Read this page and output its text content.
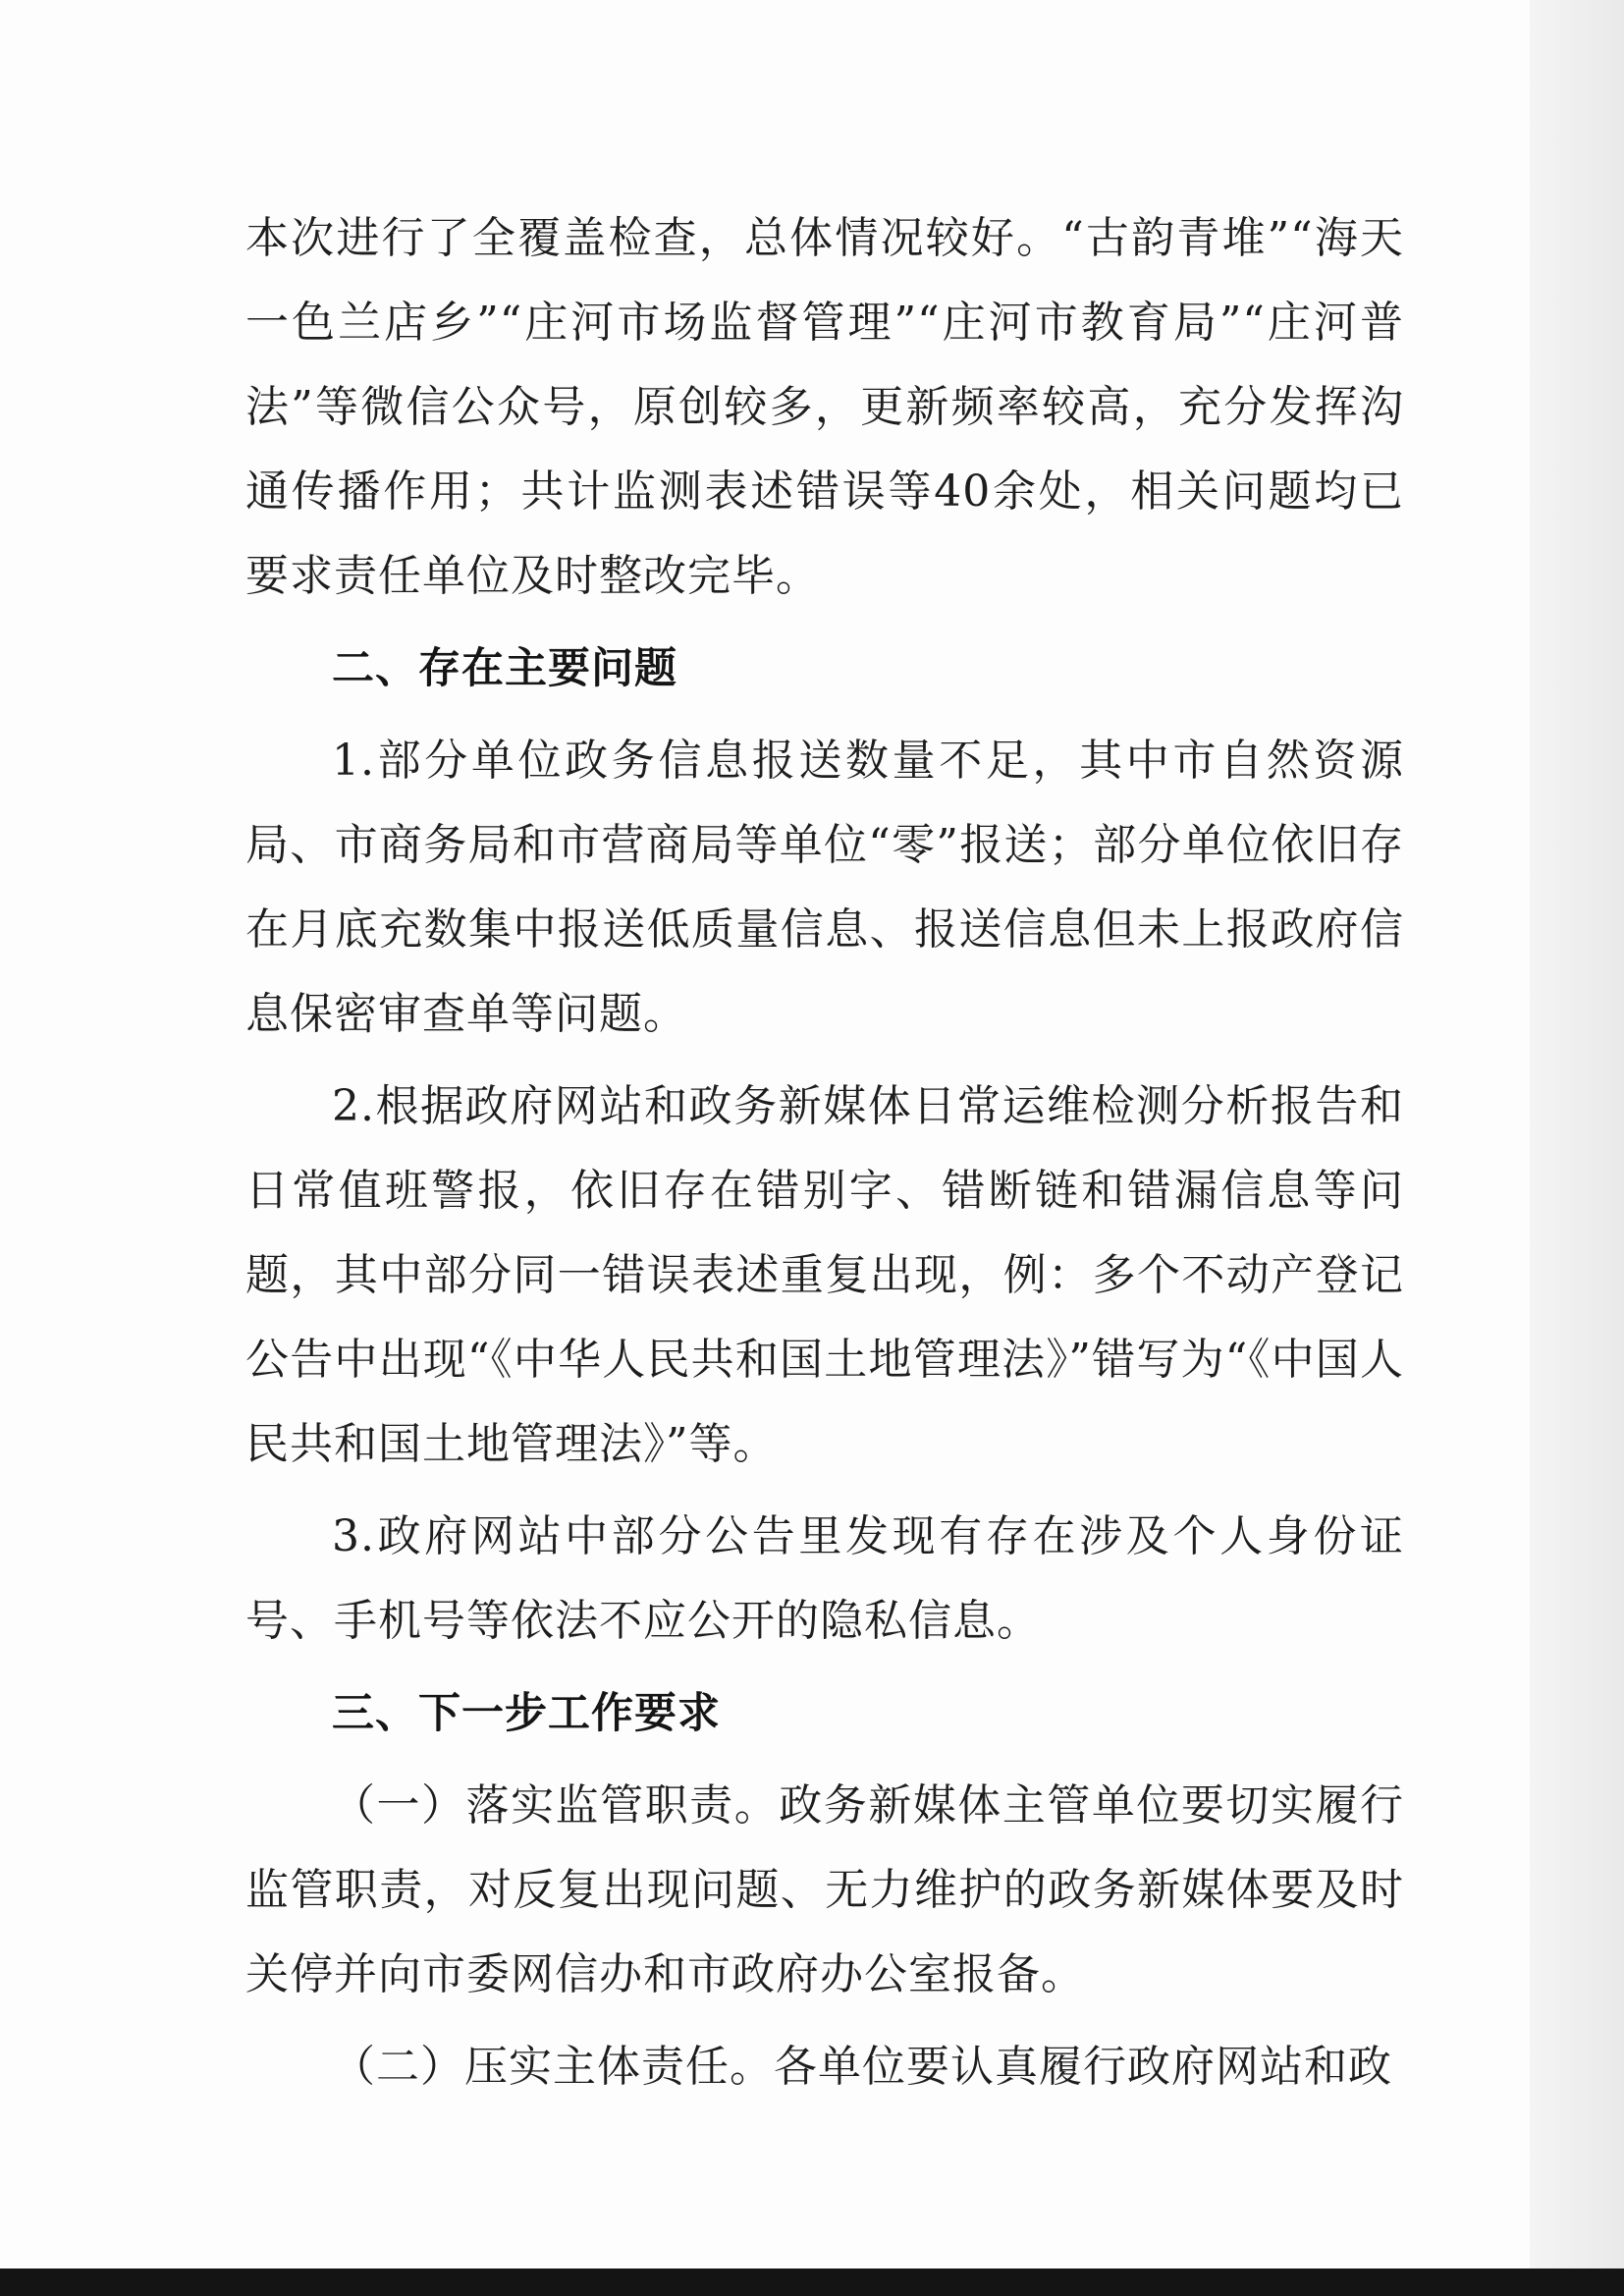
本次进行了全覆盖检查，总体情况较好。“古韵青堆”“海天一色兰店乡”“庄河市场监督管理”“庄河市教育局”“庄河普法”等微信公众号，原创较多，更新频率较高，充分发挥沟通传播作用；共计监测表述错误等40余处，相关问题均已要求责任单位及时整改完毕。

二、存在主要问题

1.部分单位政务信息报送数量不足，其中市自然资源局、市商务局和市营商局等单位“零”报送；部分单位依旧存在月底充数集中报送低质量信息、报送信息但未上报政府信息保密审查单等问题。

2.根据政府网站和政务新媒体日常运维检测分析报告和日常值班警报，依旧存在错别字、错断链和错漏信息等问题，其中部分同一错误表述重复出现，例：多个不动产登记公告中出现“《中华人民共和国土地管理法》”错写为“《中国人民共和国土地管理法》”等。

3.政府网站中部分公告里发现有存在涉及个人身份证号、手机号等依法不应公开的隐私信息。

三、下一步工作要求

（一）落实监管职责。政务新媒体主管单位要切实履行监管职责，对反复出现问题、无力维护的政务新媒体要及时关停并向市委网信办和市政府办公室报备。

（二）压实主体责任。各单位要认真履行政府网站和政
